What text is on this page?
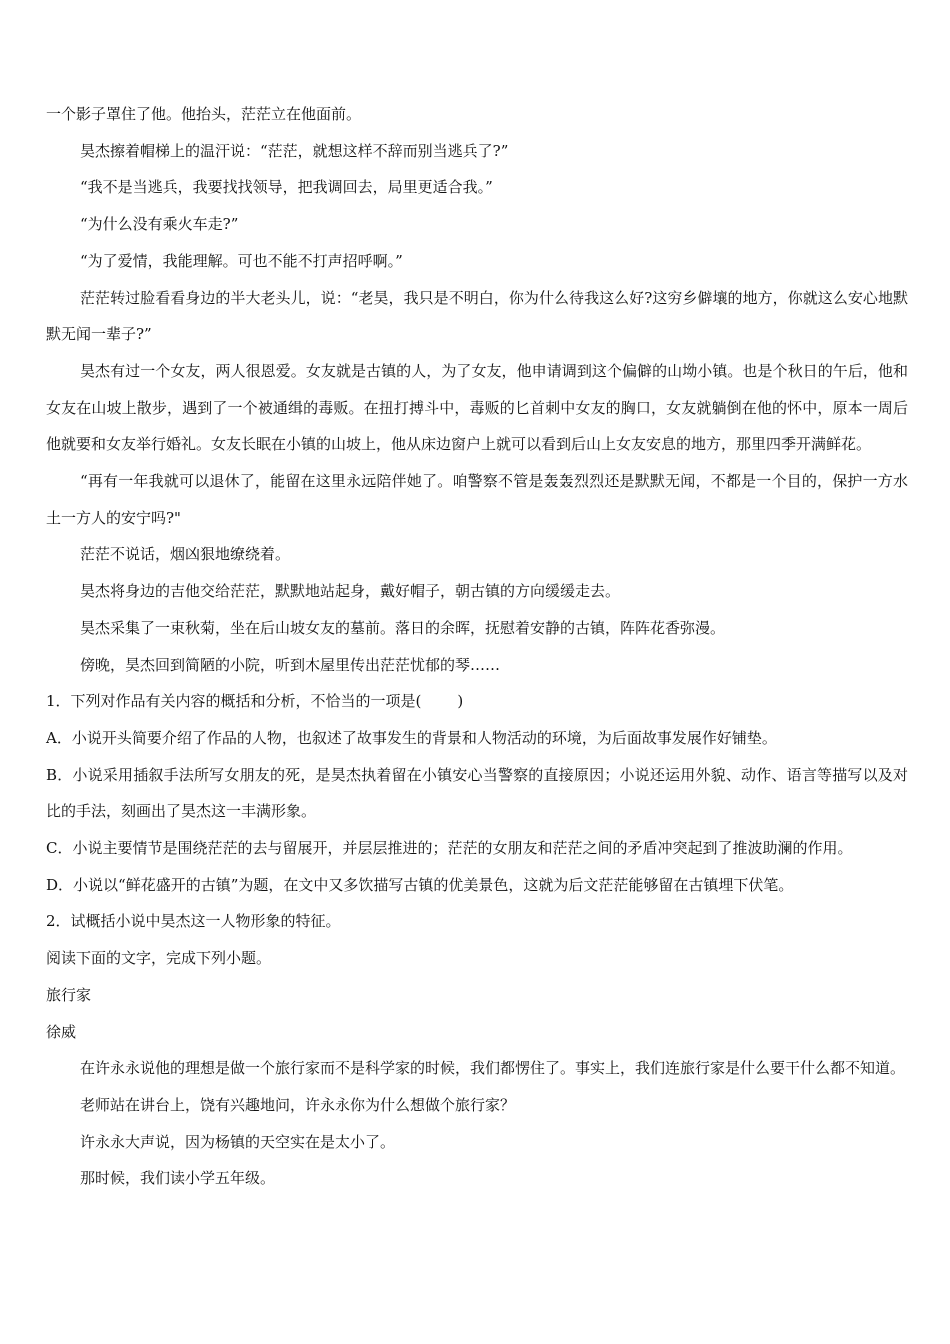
一个影子罩住了他。他抬头，茫茫立在他面前。

昊杰擦着帽梯上的温汗说：“茫茫，就想这样不辞而别当逃兵了?”

“我不是当逃兵，我要找找领导，把我调回去，局里更适合我。”

“为什么没有乘火车走?”

“为了爱情，我能理解。可也不能不打声招呼啊。”

茫茫转过脸看看身边的半大老头儿，说：“老昊，我只是不明白，你为什么待我这么好?这穷乡僻壤的地方，你就这么安心地默默无闻一辈子?”

昊杰有过一个女友，两人很恩爱。女友就是古镇的人，为了女友，他申请调到这个偏僻的山坳小镇。也是个秋日的午后，他和女友在山坡上散步，遇到了一个被通缉的毒贩。在扭打搏斗中，毒贩的匕首刺中女友的胸口，女友就躺倒在他的怀中，原本一周后他就要和女友举行婚礼。女友长眠在小镇的山坡上，他从床边窗户上就可以看到后山上女友安息的地方，那里四季开满鲜花。

“再有一年我就可以退休了，能留在这里永远陪伴她了。咱警察不管是轰轰烈烈还是默默无闻，不都是一个目的，保护一方水土一方人的安宁吗?"

茫茫不说话，烟凶狠地缭绕着。

昊杰将身边的吉他交给茫茫，默默地站起身，戴好帽子，朝古镇的方向缓缓走去。

昊杰采集了一束秋菊，坐在后山坡女友的墓前。落日的余晖，抚慰着安静的古镇，阵阵花香弥漫。

傍晚，昊杰回到简陋的小院，听到木屋里传出茫茫忧郁的琴……

1．下列对作品有关内容的概括和分析，不恰当的一项是( )

A．小说开头简要介绍了作品的人物，也叙述了故事发生的背景和人物活动的环境，为后面故事发展作好铺垫。

B．小说采用插叙手法所写女朋友的死，是昊杰执着留在小镇安心当警察的直接原因；小说还运用外貌、动作、语言等描写以及对比的手法，刻画出了昊杰这一丰满形象。

C．小说主要情节是围绕茫茫的去与留展开，并层层推进的；茫茫的女朋友和茫茫之间的矛盾冲突起到了推波助澜的作用。

D．小说以“鲜花盛开的古镇”为题，在文中又多饮描写古镇的优美景色，这就为后文茫茫能够留在古镇埋下伏笔。

2．试概括小说中昊杰这一人物形象的特征。

阅读下面的文字，完成下列小题。

旅行家

徐威

在许永永说他的理想是做一个旅行家而不是科学家的时候，我们都愣住了。事实上，我们连旅行家是什么要干什么都不知道。

老师站在讲台上，饶有兴趣地问，许永永你为什么想做个旅行家？

许永永大声说，因为杨镇的天空实在是太小了。

那时候，我们读小学五年级。
